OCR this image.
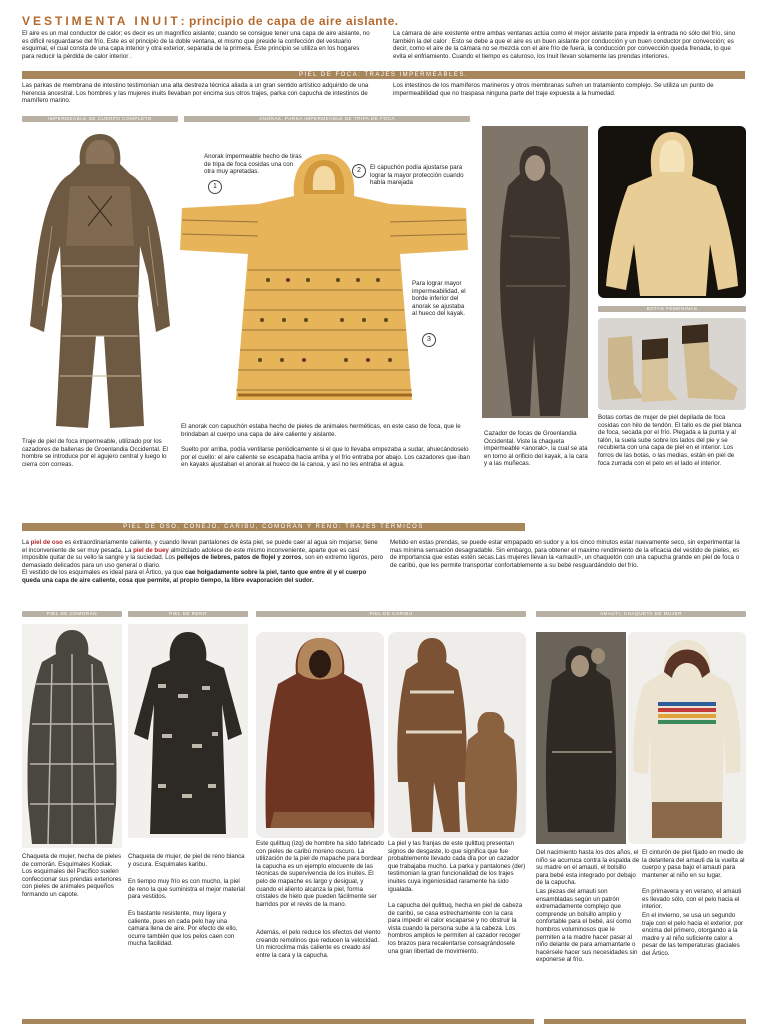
VESTIMENTA INUIT: principio de capa de aire aislante.
El aire es un mal conductor de calor; es decir es un magnífico aislante; cuando se consigue tener una capa de aire aislante, no es difícil resguardarse del frío. Este es el principio de la doble ventana, el mismo que preside la confección del vestuario esquimal, el cual consta de una capa interior y otra exterior, separada de la primera. Este principio se utiliza en los hogares para reducir la pérdida de calor interior .
La cámara de aire existente entre ambas ventanas actúa como el mejor aislante para impedir la entrada no sólo del frío, sino también la del calor . Esto se debe a que el aire es un buen aislante por conducción y un buen conductor por convección; es decir, como el aire de la cámara no se mezcla con el aire frío de fuera, la conducción por convección queda frenada, lo que evita el enfriamiento. Cuando el tiempo es caluroso, los Inuit llevan solamente las prendas interiores.
PIEL DE FOCA: TRAJES IMPERMEABLES.
Las parkas de membrana de intestino testimonian una alta destreza técnica aliada a un gran sentido artístico adquirido de una herencia ancestral. Los hombres y las mujeres inuits llevaban por encima sus otros trajes, parka con capucha de intestinos de mamífero marino.
Los intestinos de los mamíferos marineros y otros membranas sufren un tratamiento complejo. Se utiliza un punto de impermeabilidad que no traspasa ninguna parte del traje expuesta a la humedad.
IMPERMEABLE DE CUERPO COMPLETO	ANORAK, PARKA IMPERMEABLE DE TRIPA DE FOCA
Anorak impermeable hecho de tiras de tripa de foca cosidas una con otra muy apretadas.
1
El capuchón podía ajustarse para lograr la mayor protección cuando había marejada
2
Para lograr mayor impermeabilidad, el borde inferior del anorak se ajustaba al hueco del kayak.
3
BOTAS FEMENINAS
Traje de piel de foca impermeable, utilizado por los cazadores de ballenas de Groenlandia Occidental. El hombre se introduce por el agujero central y luego lo cierra con correas.
El anorak con capuchón estaba hecho de pieles de animales herméticas, en este caso de foca, que le brindaban al cuerpo una capa de aire caliente y aislante.
Suelto por arriba, podía ventilarse periódicamente si el que lo llevaba empezaba a sudar, ahuecándoselo por el cuello: el aire caliente se escapaba hacia arriba y el frío entraba por abajo. Los cazadores que iban en kayaks ajustaban el anorak al hueco de la canoa, y así no les entraba el agua.
Cazador de focas de Groenlandia Occidental. Viste la chaqueta impermeable <anorak>, la cual se ata en torno al orificio del kayak, a la cara y a las muñecas.
Botas cortas de mujer de piel depilada de foca cosidas con hilo de tendón. El tallo es de piel blanca de foca, secada por el frío. Plegada a la punta y al talón, la suela sube sobre los lados del pie y se recubierta con una capa de piel en el interior. Los forros de las botas, o las medias, están en piel de foca zurrada con el pelo en el lado el interior.
PIEL DE OSO, CONEJO, CARIBÚ, COMORÁN Y RENO: TRAJES TÉRMICOS
La piel de oso es extraordinariamente caliente, y cuando llevan pantalones de ésta piel, se puede caer al agua sin mojarse; tiene el inconveniente de ser muy pesada. La piel de buey almizclado adolece de este mismo inconveniente, aparte que es casi imposible quitar de su vello la sangre y la suciedad. Los pellejos de liebres, patos de flojel y zorros, son en extremo ligeros, pero demasiado delicados para un uso general o diario.
El vestido de los esquimales es ideal para el Ártico, ya que cae holgadamente sobre la piel, tanto que entre él y el cuerpo queda una capa de aire caliente, cosa que permite, al propio tiempo, la libre evaporación del sudor.
Metido en estas prendas, se puede estar empapado en sudor y a los cinco minutos estar nuevamente seco, sin experimentar la mas mínima sensación desagradable. Sin embargo, para obtener el maximo rendimiento de la eficacia del vestido de pieles, es de importancia que estas estén secas.Las mujeres llevan la <amauti>, un chaquetón con una capucha grande en piel de foca o de caribú, que les permite transportar confortablemente a su bebé resguardándolo del frío.
PIEL DE COMORÁN	PIEL DE RENO	PIEL DE CARIBÚ	AMAUTI, CHAQUETA DE MUJER
Chaqueta de mujer, hecha de pieles de comorán. Esquimales Kodiak. Los esquimales del Pacífico suelen confeccionar sus prendas exteriores con pieles de animales pequeños formando un capote.
Chaqueta de mujer, de piel de reno blanca y oscura. Esquimales karibu.
En tiempo muy frío es con mucho, la piel de reno la que suministra el mejor material para vestidos.
Es bastante resistente, muy ligera y caliente, pues en cada pelo hay una camara llena de aire. Por efecto de ello, ocurre también que los pelos caen con mucha facilidad.
Este qulittuq (izq) de hombre ha sido fabricado con pieles de caribú moreno oscuro. La utilización de la piel de mapache para bordear la capucha es un ejemplo elocuente de las técnicas de supervivencia de los inuites. El pelo de mapache es largo y desigual, y cuando el aliento alcanza la piel, forma cristales de hielo que pueden fácilmente ser barridos por el revés de la mano.
Además, el pelo reduce los efectos del viento creando remolinos que reducen la velocidad. Un microclima más caliente es creado así entre la cara y la capucha.
La piel y las franjas de este qulittuq presentan signos de desgaste, lo que significa que fue probablemente llevado cada día por un cazador que trabajaba mucho. La parka y pantalones (der) testimonian la gran funcionalidad de los trajes inuites cuya ingeniosidad raramente ha sido igualada.
La capucha del qulittuq, hecha en piel de cabeza de caribú, se casa estrechamente con la cara para impedir el calor escaparse y no obstruir la vista cuando la persona sube a la cabeza. Los hombros amplios le permiten al cazador recoger los brazos para recalentarse consagrándosele una gran libertad de movimiento.
Del nacimiento hasta los dos años, el niño se acurruca contra la espalda de su madre en el amauti, el bolsillo para bebé esta integrado por debajo de la capucha.
Las piezas del amauti son ensambladas según un patrón extremadamente complejo que comprende un bolsillo amplio y confortable para el bebé, así como hombros voluminosos que le permiten a la madre hacer pasar al niño delante de para amamantarle o hacérsele hacer sus necesidades sin exponerse al frío.
El cinturón de piel fijado en medio de la delantera del amauti da la vuelta al cuerpo y pasa bajo el amauti para mantener al niño en su lugar.
En primavera y en verano, el amauti es llevado sólo, con el pelo hacia el interior.
En el invierno, se usa un segundo traje con el pelo hacia el exterior, por encima del primero, otorgando a la madre y al niño suficiente calor a pesar de las temperaturas glaciales del Ártico.
